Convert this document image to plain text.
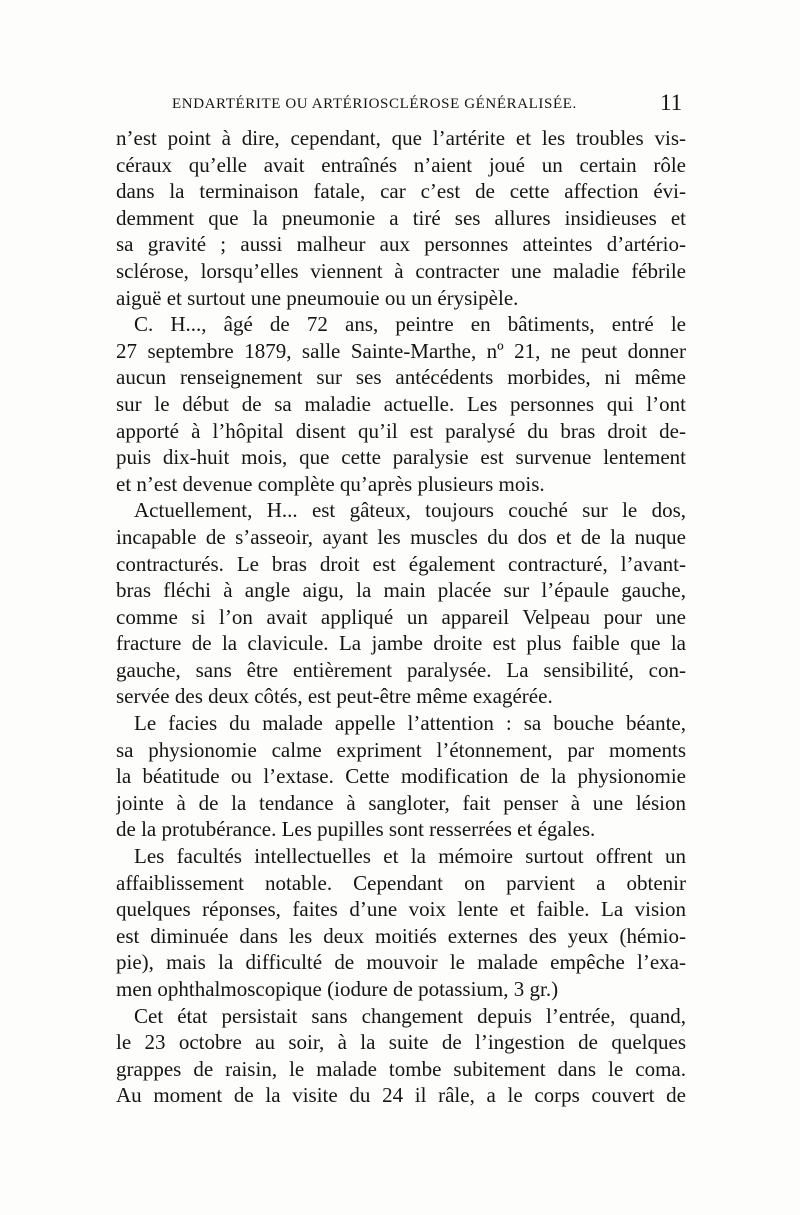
ENDARTÉRITE OU ARTÉRIOSCLÉROSE GÉNÉRALISÉE.	11
n’est point à dire, cependant, que l’artérite et les troubles vis-
céraux qu’elle avait entraînés n’aient joué un certain rôle
dans la terminaison fatale, car c’est de cette affection évi-
demment que la pneumonie a tiré ses allures insidieuses et
sa gravité ; aussi malheur aux personnes atteintes d’artério-
sclérose, lorsqu’elles viennent à contracter une maladie fébrile
aiguë et surtout une pneumouie ou un érysipèle.
C. H..., âgé de 72 ans, peintre en bâtiments, entré le
27 septembre 1879, salle Sainte-Marthe, nº 21, ne peut donner
aucun renseignement sur ses antécédents morbides, ni même
sur le début de sa maladie actuelle. Les personnes qui l’ont
apporté à l’hôpital disent qu’il est paralysé du bras droit de-
puis dix-huit mois, que cette paralysie est survenue lentement
et n’est devenue complète qu’après plusieurs mois.
Actuellement, H... est gâteux, toujours couché sur le dos,
incapable de s’asseoir, ayant les muscles du dos et de la nuque
contracturés. Le bras droit est également contracturé, l’avant-
bras fléchi à angle aigu, la main placée sur l’épaule gauche,
comme si l’on avait appliqué un appareil Velpeau pour une
fracture de la clavicule. La jambe droite est plus faible que la
gauche, sans être entièrement paralysée. La sensibilité, con-
servée des deux côtés, est peut-être même exagérée.
Le facies du malade appelle l’attention : sa bouche béante,
sa physionomie calme expriment l’étonnement, par moments
la béatitude ou l’extase. Cette modification de la physionomie
jointe à de la tendance à sangloter, fait penser à une lésion
de la protubérance. Les pupilles sont resserrées et égales.
Les facultés intellectuelles et la mémoire surtout offrent un
affaiblissement notable. Cependant on parvient a obtenir
quelques réponses, faites d’une voix lente et faible. La vision
est diminuée dans les deux moitiés externes des yeux (hémio-
pie), mais la difficulté de mouvoir le malade empêche l’exa-
men ophthalmoscopique (iodure de potassium, 3 gr.)
Cet état persistait sans changement depuis l’entrée, quand,
le 23 octobre au soir, à la suite de l’ingestion de quelques
grappes de raisin, le malade tombe subitement dans le coma.
Au moment de la visite du 24 il râle, a le corps couvert de
